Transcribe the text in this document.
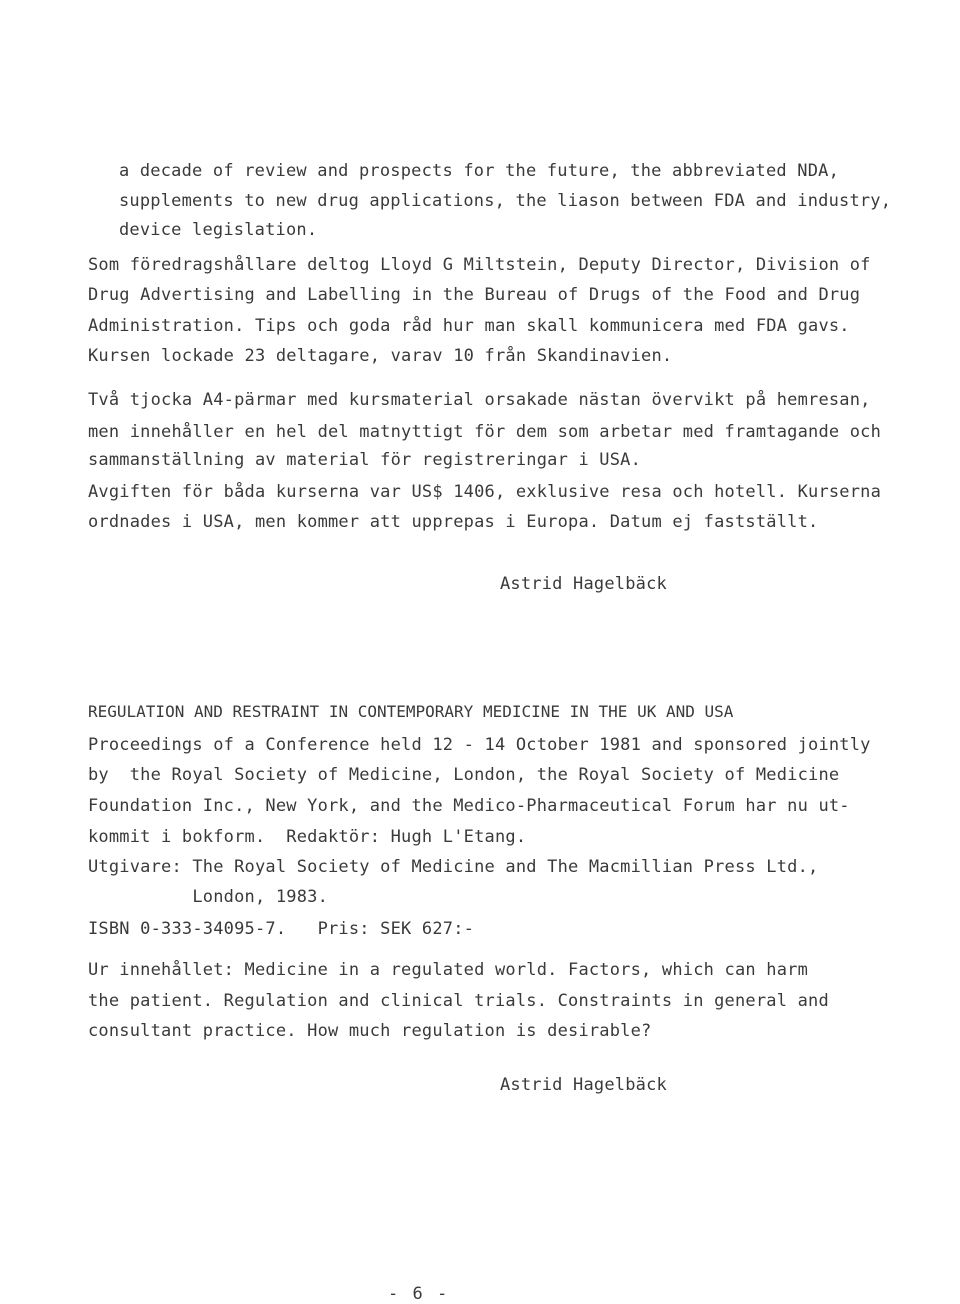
a decade of review and prospects for the future, the abbreviated NDA,
supplements to new drug applications, the liason between FDA and industry,
device legislation.
Som föredragshållare deltog Lloyd G Miltstein, Deputy Director, Division of
Drug Advertising and Labelling in the Bureau of Drugs of the Food and Drug
Administration. Tips och goda råd hur man skall kommunicera med FDA gavs.
Kursen lockade 23 deltagare, varav 10 från Skandinavien.
Två tjocka A4-pärmar med kursmaterial orsakade nästan övervikt på hemresan,
men innehåller en hel del matnyttigt för dem som arbetar med framtagande och
sammanställning av material för registreringar i USA.
Avgiften för båda kurserna var US$ 1406, exklusive resa och hotell. Kurserna
ordnades i USA, men kommer att upprepas i Europa. Datum ej fastställt.
Astrid Hagelbäck
REGULATION AND RESTRAINT IN CONTEMPORARY MEDICINE IN THE UK AND USA
Proceedings of a Conference held 12 - 14 October 1981 and sponsored jointly
by  the Royal Society of Medicine, London, the Royal Society of Medicine
Foundation Inc., New York, and the Medico-Pharmaceutical Forum har nu ut-
kommit i bokform.  Redaktör: Hugh L'Etang.
Utgivare: The Royal Society of Medicine and The Macmillian Press Ltd.,
London, 1983.
ISBN 0-333-34095-7.   Pris: SEK 627:-
Ur innehållet: Medicine in a regulated world. Factors, which can harm
the patient. Regulation and clinical trials. Constraints in general and
consultant practice. How much regulation is desirable?
Astrid Hagelbäck
- 6 -
